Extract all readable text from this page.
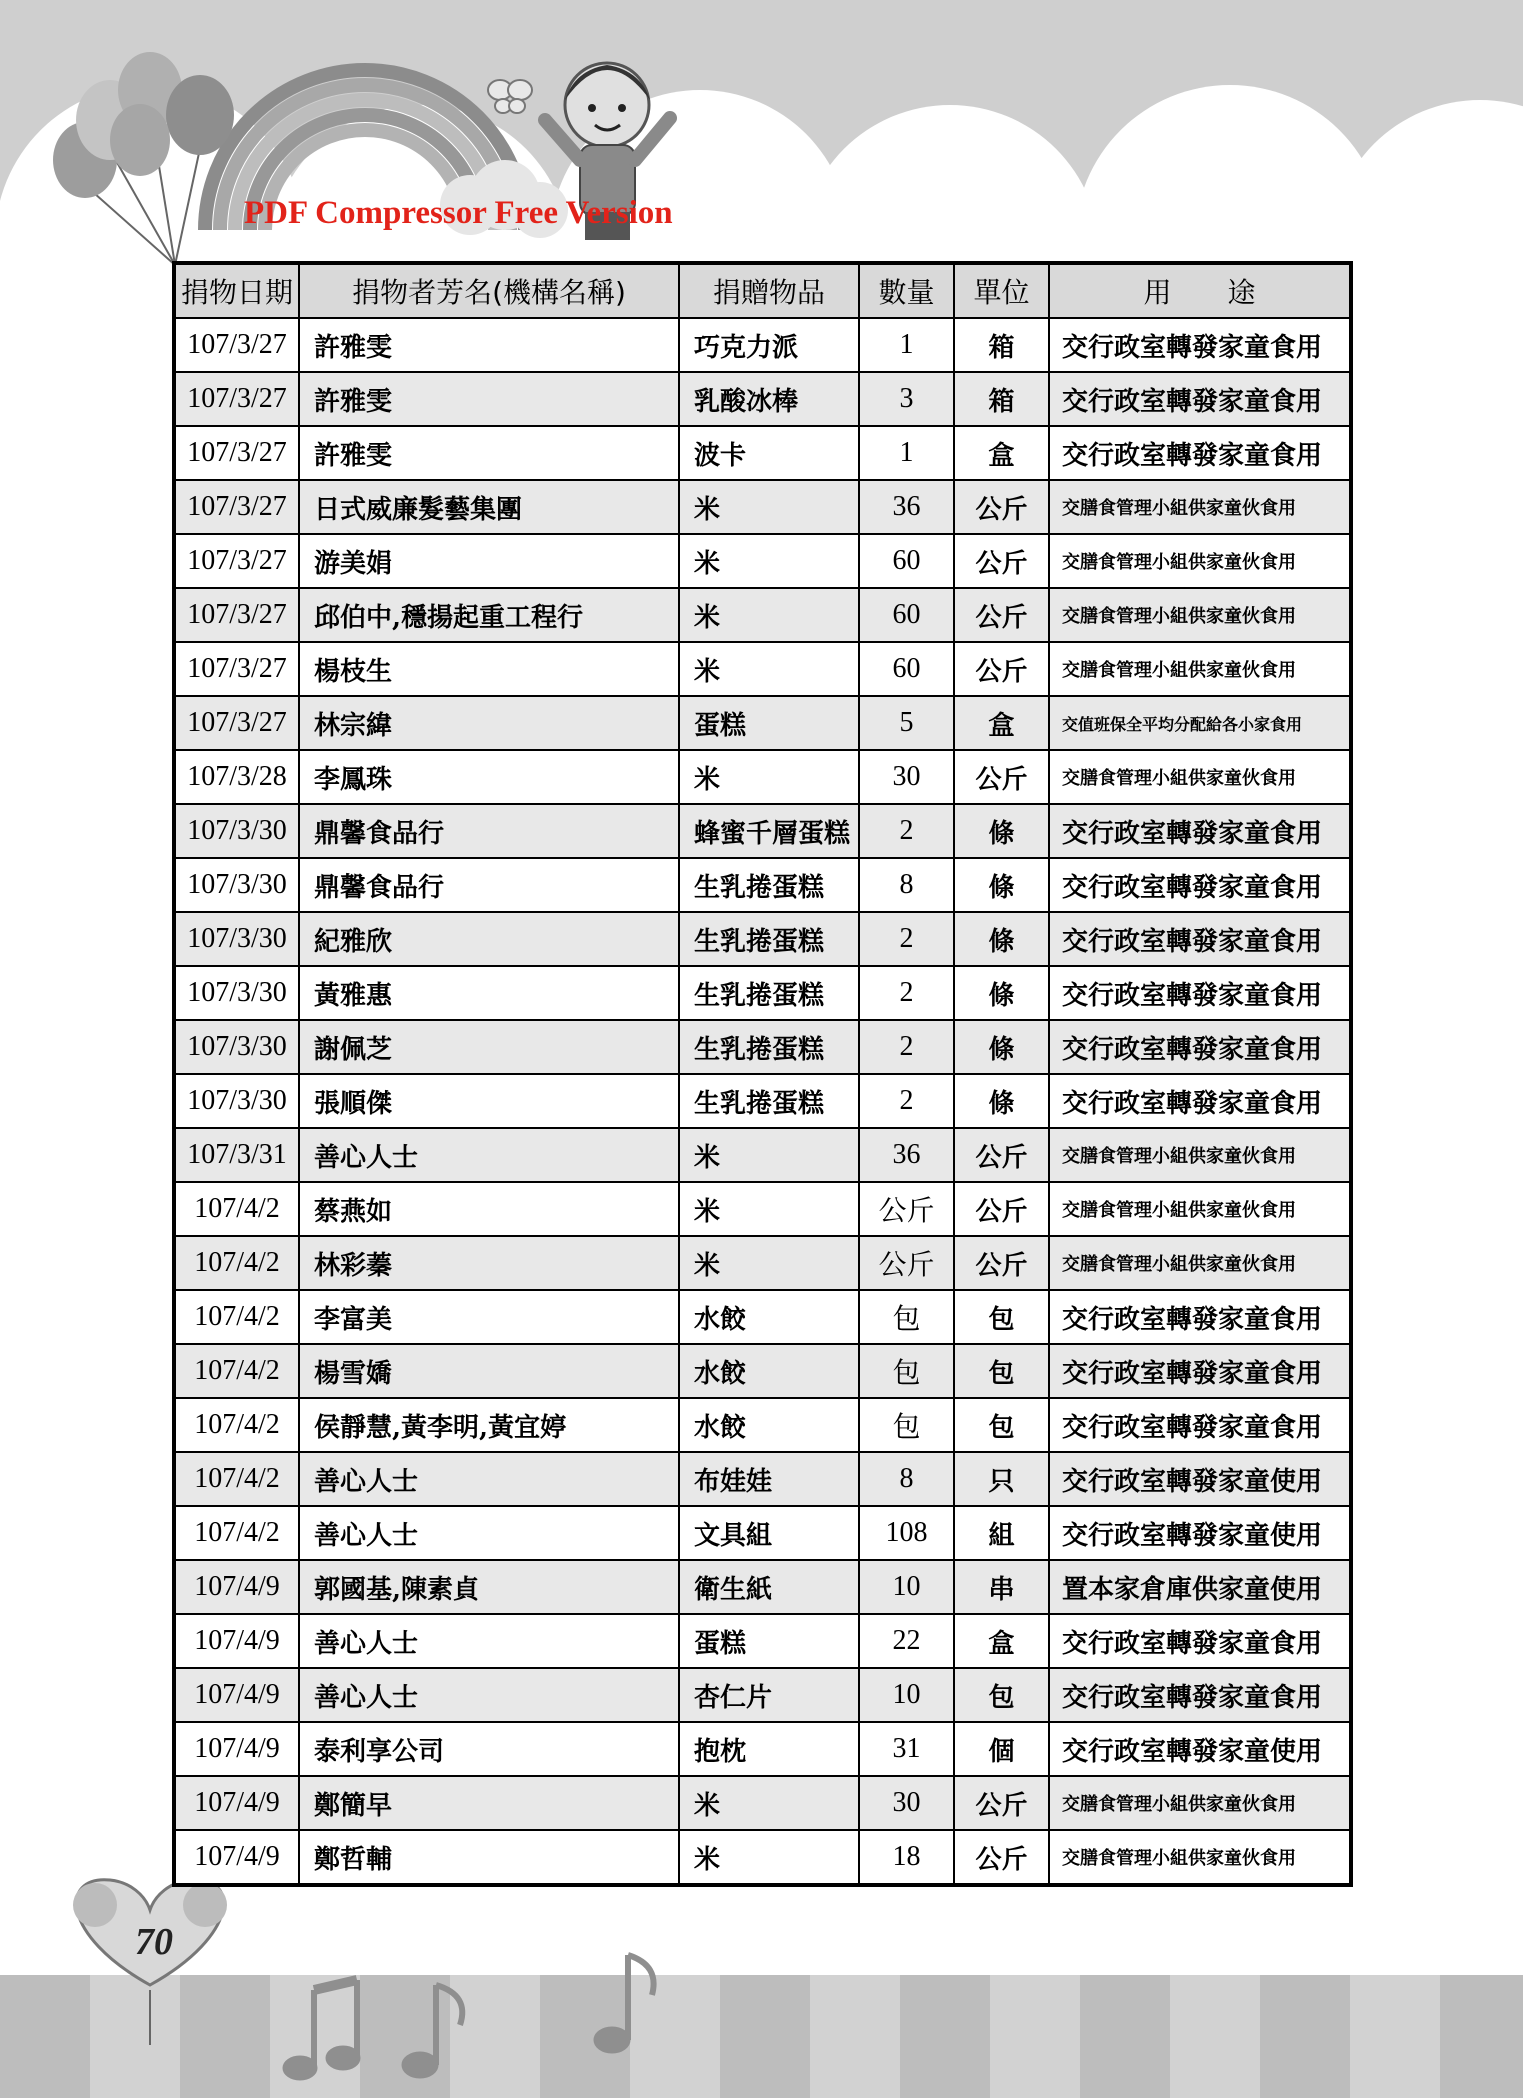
PDF Compressor Free Version

捐物日期	捐物者芳名(機構名稱)	捐贈物品	數量	單位	用　　途
107/3/27	許雅雯	巧克力派	1	箱	交行政室轉發家童食用
107/3/27	許雅雯	乳酸冰棒	3	箱	交行政室轉發家童食用
107/3/27	許雅雯	波卡	1	盒	交行政室轉發家童食用
107/3/27	日式威廉髮藝集團	米	36	公斤	交膳食管理小組供家童伙食用
107/3/27	游美娟	米	60	公斤	交膳食管理小組供家童伙食用
107/3/27	邱伯中,穩揚起重工程行	米	60	公斤	交膳食管理小組供家童伙食用
107/3/27	楊枝生	米	60	公斤	交膳食管理小組供家童伙食用
107/3/27	林宗緯	蛋糕	5	盒	交值班保全平均分配給各小家食用
107/3/28	李鳳珠	米	30	公斤	交膳食管理小組供家童伙食用
107/3/30	鼎馨食品行	蜂蜜千層蛋糕	2	條	交行政室轉發家童食用
107/3/30	鼎馨食品行	生乳捲蛋糕	8	條	交行政室轉發家童食用
107/3/30	紀雅欣	生乳捲蛋糕	2	條	交行政室轉發家童食用
107/3/30	黃雅惠	生乳捲蛋糕	2	條	交行政室轉發家童食用
107/3/30	謝佩芝	生乳捲蛋糕	2	條	交行政室轉發家童食用
107/3/30	張順傑	生乳捲蛋糕	2	條	交行政室轉發家童食用
107/3/31	善心人士	米	36	公斤	交膳食管理小組供家童伙食用
107/4/2	蔡燕如	米	公斤	公斤	交膳食管理小組供家童伙食用
107/4/2	林彩蓁	米	公斤	公斤	交膳食管理小組供家童伙食用
107/4/2	李富美	水餃	包	包	交行政室轉發家童食用
107/4/2	楊雪嬌	水餃	包	包	交行政室轉發家童食用
107/4/2	侯靜慧,黃李明,黃宜婷	水餃	包	包	交行政室轉發家童食用
107/4/2	善心人士	布娃娃	8	只	交行政室轉發家童使用
107/4/2	善心人士	文具組	108	組	交行政室轉發家童使用
107/4/9	郭國基,陳素貞	衛生紙	10	串	置本家倉庫供家童使用
107/4/9	善心人士	蛋糕	22	盒	交行政室轉發家童食用
107/4/9	善心人士	杏仁片	10	包	交行政室轉發家童食用
107/4/9	泰利享公司	抱枕	31	個	交行政室轉發家童使用
107/4/9	鄭簡早	米	30	公斤	交膳食管理小組供家童伙食用
107/4/9	鄭哲輔	米	18	公斤	交膳食管理小組供家童伙食用

70
